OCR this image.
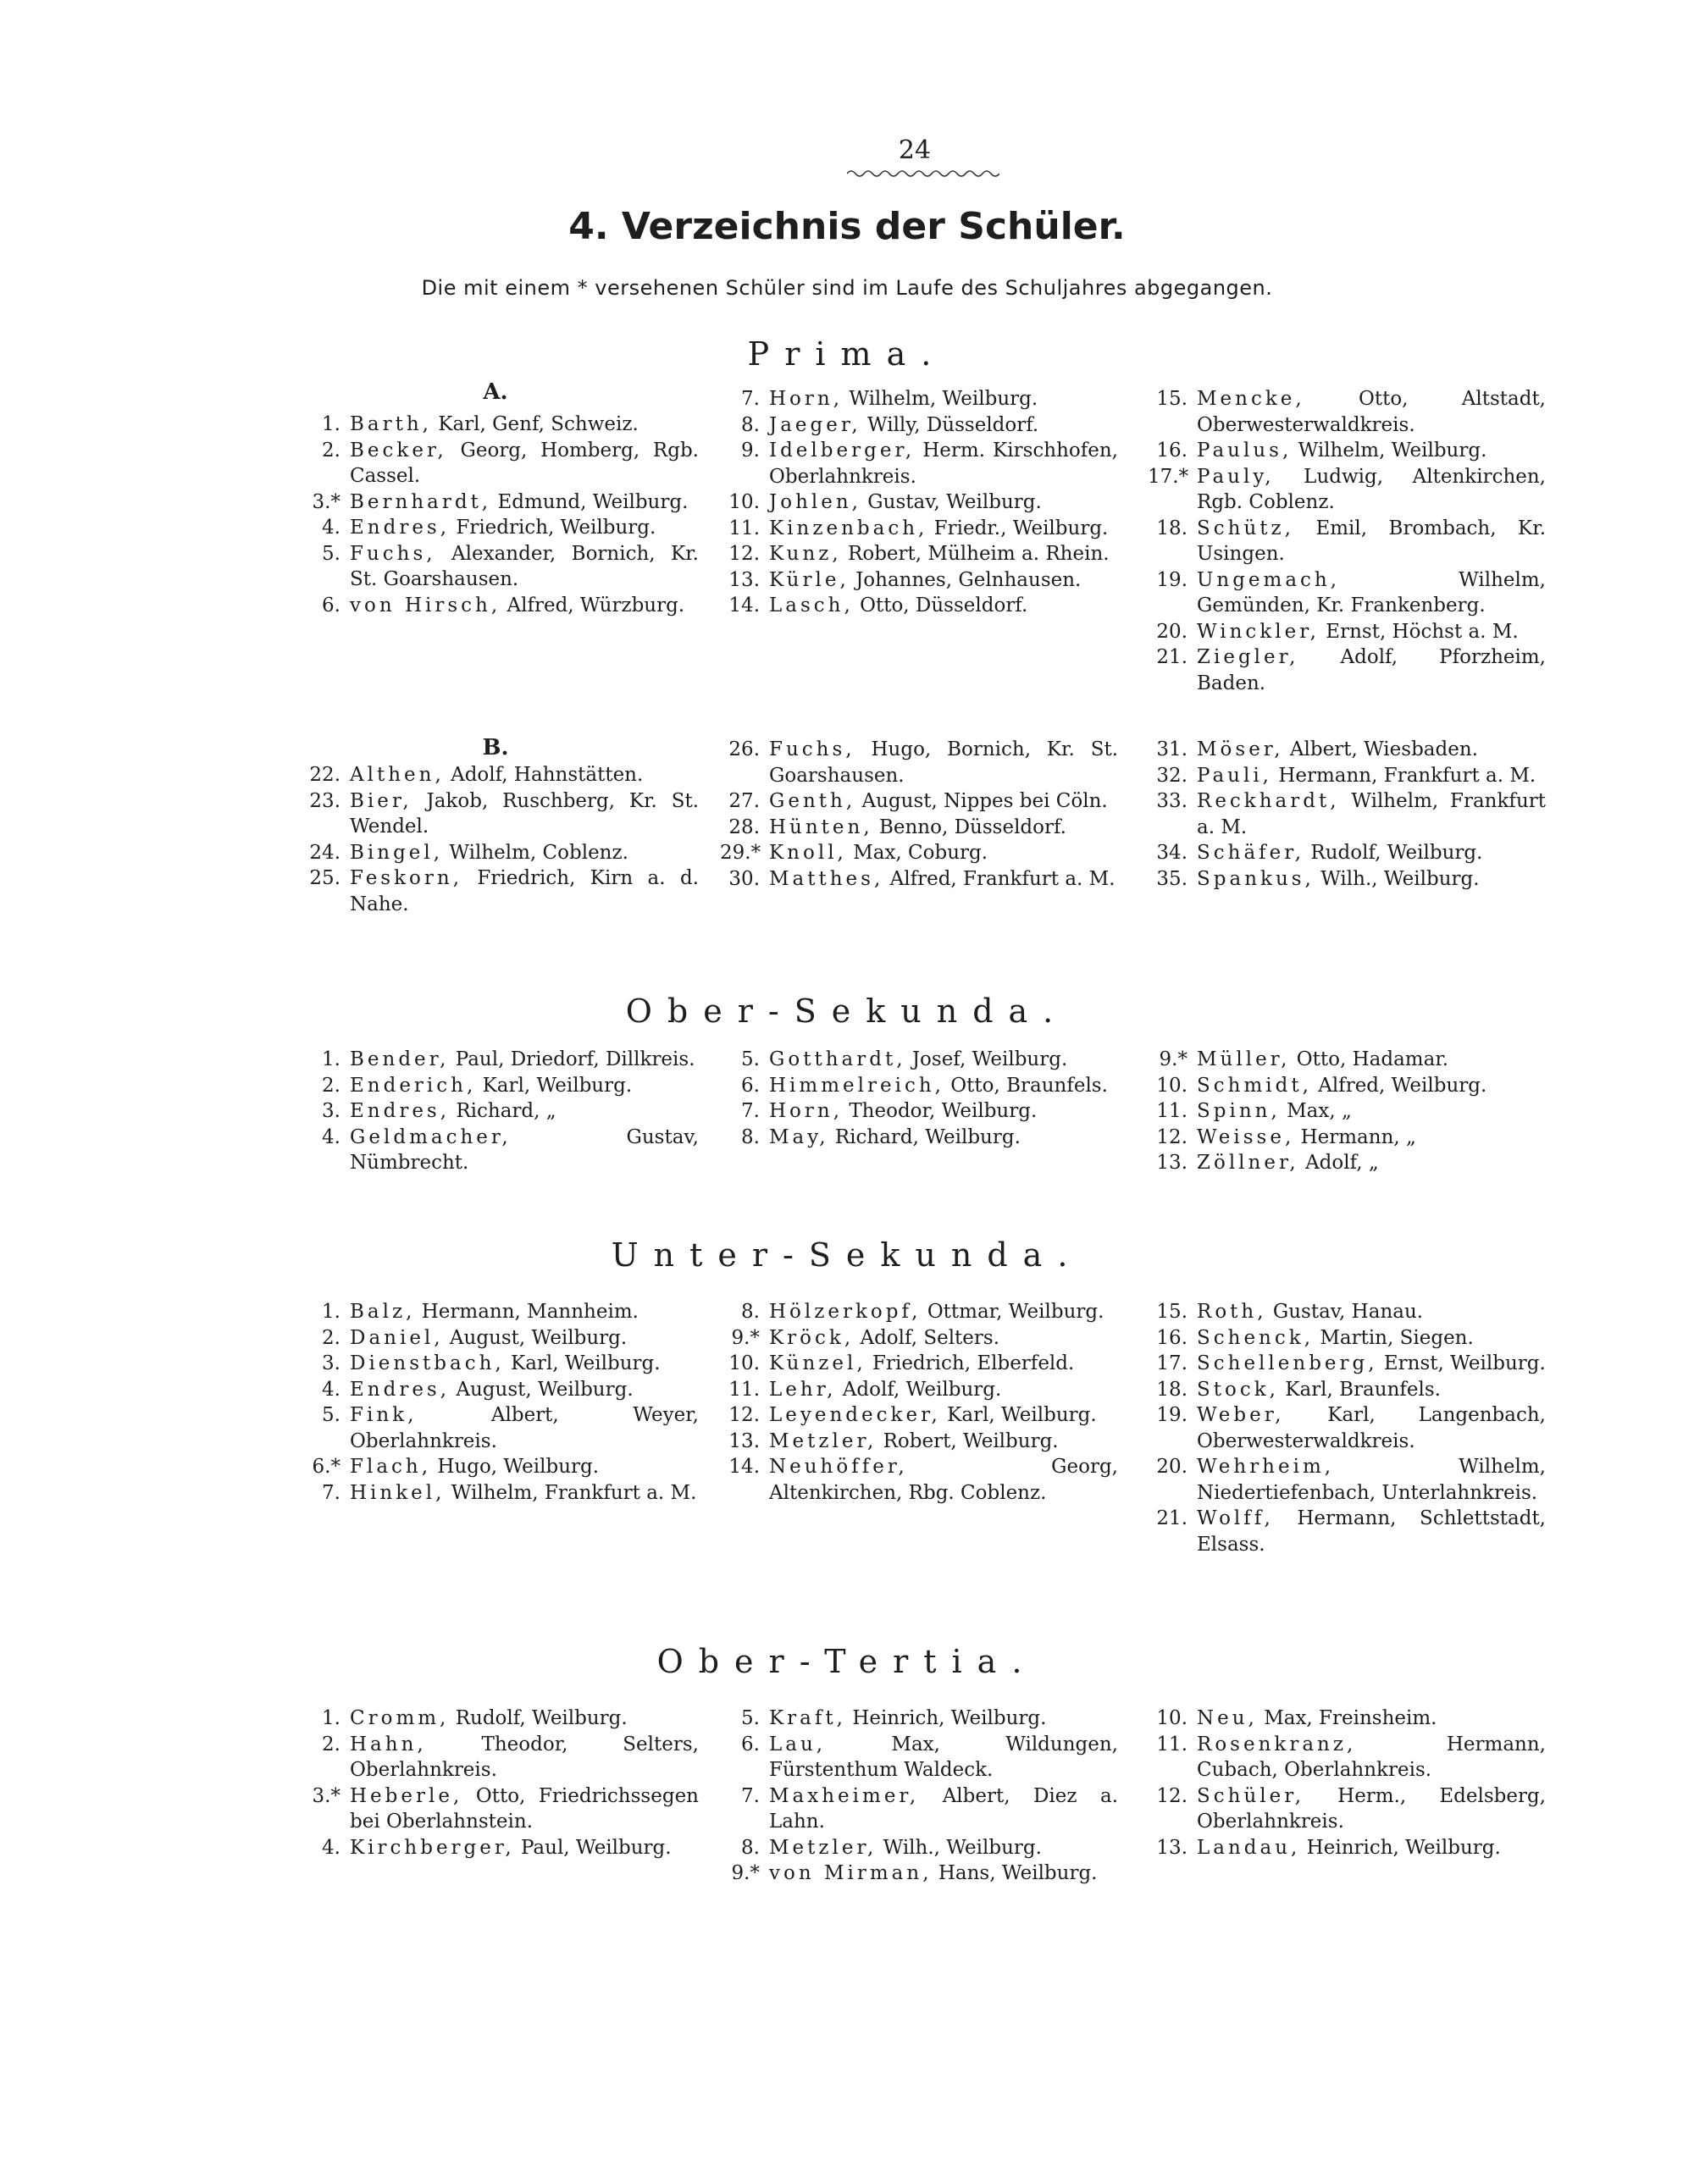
24
4. Verzeichnis der Schüler.
Die mit einem * versehenen Schüler sind im Laufe des Schuljahres abgegangen.
Prima.
A.
1. Barth, Karl, Genf, Schweiz.
2. Becker, Georg, Homberg, Rgb. Cassel.
3.* Bernhardt, Edmund, Weilburg.
4. Endres, Friedrich, Weilburg.
5. Fuchs, Alexander, Bornich, Kr. St. Goarshausen.
6. von Hirsch, Alfred, Würzburg.
7. Horn, Wilhelm, Weilburg.
8. Jaeger, Willy, Düsseldorf.
9. Idelberger, Herm. Kirschhofen, Oberlahnkreis.
10. Johlen, Gustav, Weilburg.
11. Kinzenbach, Friedr., Weilburg.
12. Kunz, Robert, Mülheim a. Rhein.
13. Kürle, Johannes, Gelnhausen.
14. Lasch, Otto, Düsseldorf.
15. Mencke,	Otto, Altstadt, Oberwesterwaldkreis.
16. Paulus, Wilhelm, Weilburg.
17.* Pauly, Ludwig, Altenkirchen, Rgb. Coblenz.
18. Schütz, Emil, Brombach, Kr. Usingen.
19. Ungemach,	Wilhelm, Gemünden, Kr. Frankenberg.
20. Winckler, Ernst, Höchst a. M.
21. Ziegler, Adolf, Pforzheim, Baden.
B.
22. Althen, Adolf, Hahnstätten.
23. Bier, Jakob, Ruschberg, Kr. St. Wendel.
24. Bingel, Wilhelm, Coblenz.
25. Feskorn, Friedrich, Kirn a. d. Nahe.
26. Fuchs, Hugo, Bornich, Kr. St. Goarshausen.
27. Genth, August, Nippes bei Cöln.
28. Hünten, Benno, Düsseldorf.
29.* Knoll, Max, Coburg.
30. Matthes, Alfred, Frankfurt a. M.
31. Möser, Albert, Wiesbaden.
32. Pauli, Hermann, Frankfurt a. M.
33. Reckhardt, Wilhelm, Frankfurt a. M.
34. Schäfer, Rudolf, Weilburg.
35. Spankus, Wilh., Weilburg.
Ober-Sekunda.
1. Bender, Paul, Driedorf, Dillkreis.
2. Enderich, Karl, Weilburg.
3. Endres, Richard, „
4. Geldmacher,	Gustav, Nümbrecht.
5. Gotthardt, Josef, Weilburg.
6. Himmelreich, Otto, Braunfels.
7. Horn, Theodor, Weilburg.
8. May, Richard, Weilburg.
9.* Müller, Otto, Hadamar.
10. Schmidt, Alfred, Weilburg.
11. Spinn, Max, „
12. Weisse, Hermann, „
13. Zöllner, Adolf, „
Unter-Sekunda.
1. Balz, Hermann, Mannheim.
2. Daniel, August, Weilburg.
3. Dienstbach, Karl, Weilburg.
4. Endres, August, Weilburg.
5. Fink,	Albert, Weyer, Oberlahnkreis.
6.* Flach, Hugo, Weilburg.
7. Hinkel, Wilhelm, Frankfurt a. M.
8. Hölzerkopf, Ottmar, Weilburg.
9.* Kröck, Adolf, Selters.
10. Künzel, Friedrich, Elberfeld.
11. Lehr, Adolf, Weilburg.
12. Leyendecker, Karl, Weilburg.
13. Metzler, Robert, Weilburg.
14. Neuhöffer,	Georg, Altenkirchen, Rbg. Coblenz.
15. Roth, Gustav, Hanau.
16. Schenck, Martin, Siegen.
17. Schellenberg, Ernst, Weilburg.
18. Stock, Karl, Braunfels.
19. Weber, Karl, Langenbach, Oberwesterwaldkreis.
20. Wehrheim,	Wilhelm, Niedertiefenbach, Unterlahnkreis.
21. Wolff, Hermann, Schlettstadt, Elsass.
Ober-Tertia.
1. Cromm, Rudolf, Weilburg.
2. Hahn,	Theodor, Selters, Oberlahnkreis.
3.* Heberle, Otto, Friedrichssegen bei Oberlahnstein.
4. Kirchberger, Paul, Weilburg.
5. Kraft, Heinrich, Weilburg.
6. Lau,	Max, Wildungen, Fürstenthum Waldeck.
7. Maxheimer, Albert, Diez a. Lahn.
8. Metzler, Wilh., Weilburg.
9.* von Mirman, Hans, Weilburg.
10. Neu, Max, Freinsheim.
11. Rosenkranz,	Hermann, Cubach, Oberlahnkreis.
12. Schüler, Herm., Edelsberg, Oberlahnkreis.
13. Landau, Heinrich, Weilburg.
